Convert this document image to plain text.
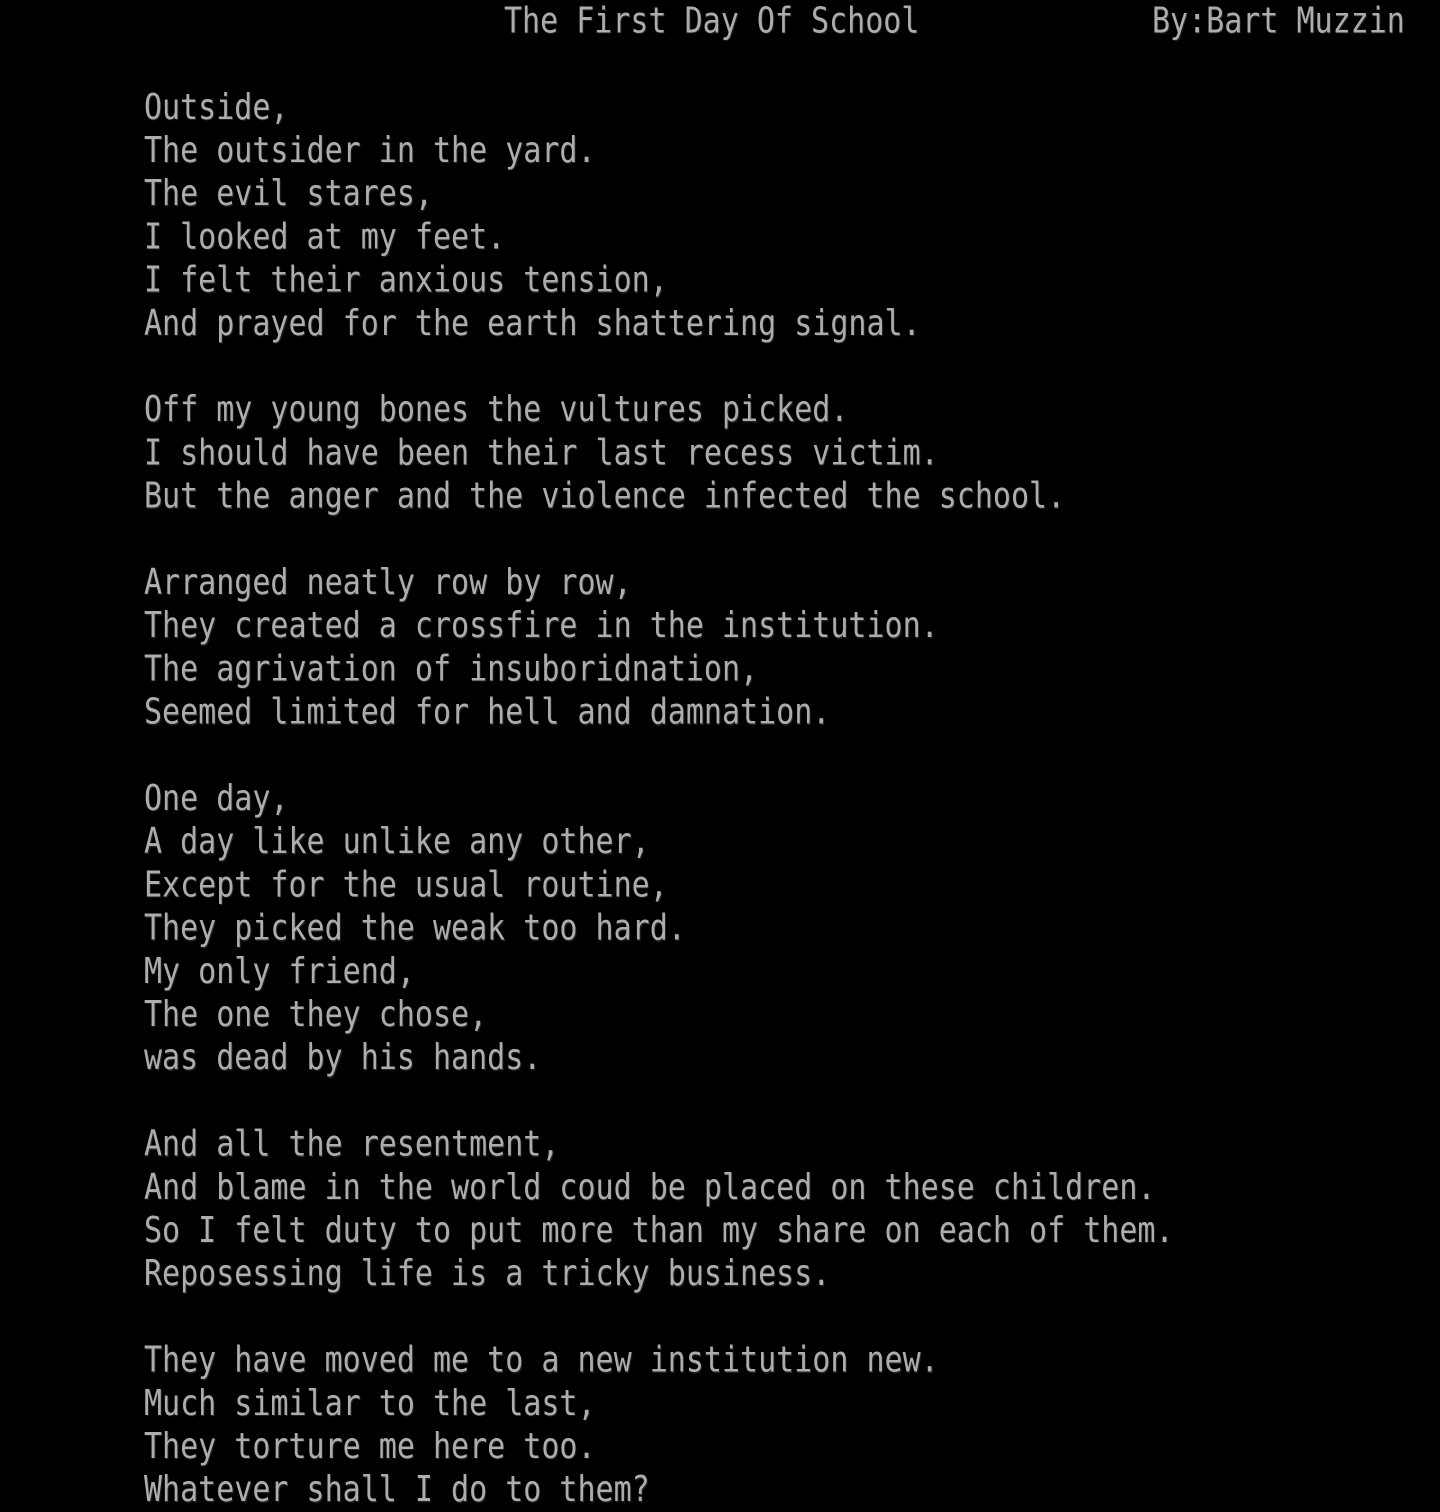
The First Day Of School

	By:Bart Muzzin

Outside,
The outsider in the yard.
The evil stares,
I looked at my feet.
I felt their anxious tension,
And prayed for the earth shattering signal.

Off my young bones the vultures picked.
I should have been their last recess victim.
But the anger and the violence infected the school.

Arranged neatly row by row,
They created a crossfire in the institution.
The agrivation of insuboridnation,
Seemed limited for hell and damnation.

One day,
A day like unlike any other,
Except for the usual routine,
They picked the weak too hard.
My only friend,
The one they chose,
was dead by his hands.

And all the resentment,
And blame in the world coud be placed on these children.
So I felt duty to put more than my share on each of them.
Reposessing life is a tricky business.

They have moved me to a new institution new.
Much similar to the last,
They torture me here too.
Whatever shall I do to them?
